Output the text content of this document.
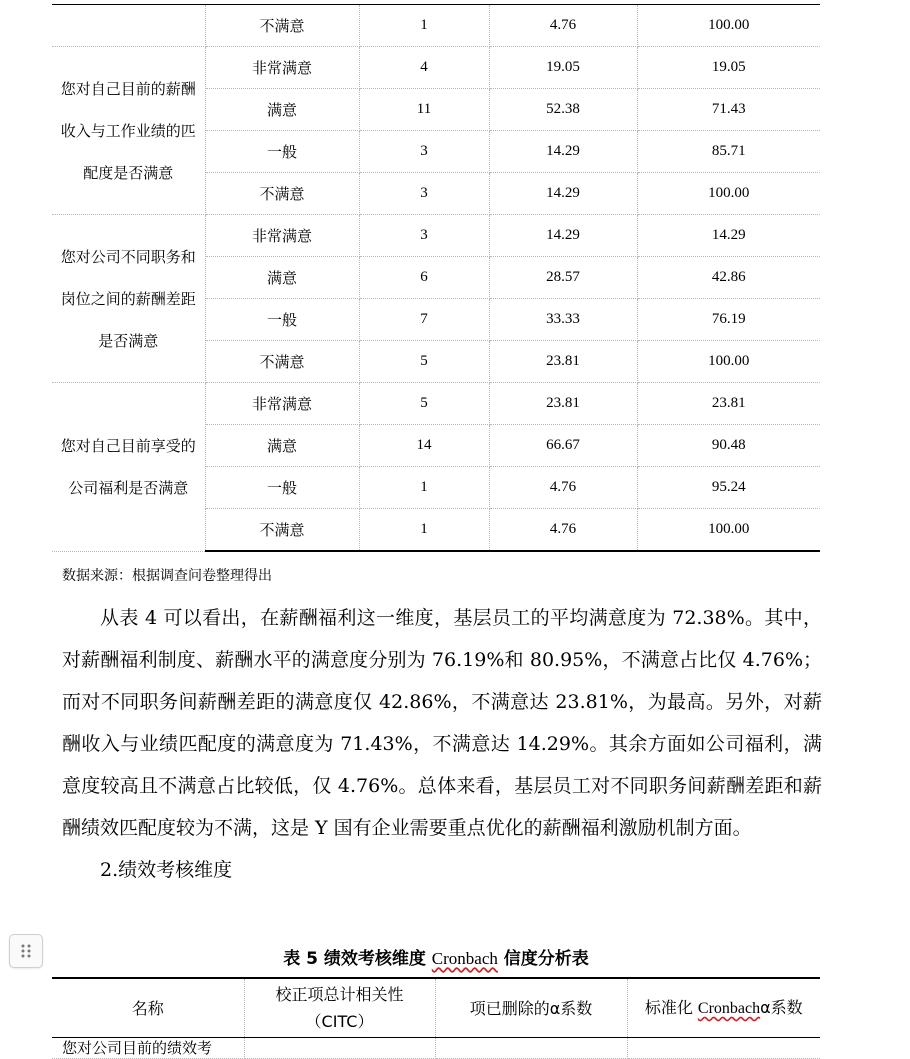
	不满意	1	4.76	100.00
您对自己目前的薪酬收入与工作业绩的匹配度是否满意	非常满意	4	19.05	19.05
	满意	11	52.38	71.43
	一般	3	14.29	85.71
	不满意	3	14.29	100.00
您对公司不同职务和岗位之间的薪酬差距是否满意	非常满意	3	14.29	14.29
	满意	6	28.57	42.86
	一般	7	33.33	76.19
	不满意	5	23.81	100.00
您对自己目前享受的公司福利是否满意	非常满意	5	23.81	23.81
	满意	14	66.67	90.48
	一般	1	4.76	95.24
	不满意	1	4.76	100.00
数据来源：根据调查问卷整理得出

从表 4 可以看出，在薪酬福利这一维度，基层员工的平均满意度为 72.38%。其中，对薪酬福利制度、薪酬水平的满意度分别为 76.19%和 80.95%，不满意占比仅 4.76%；而对不同职务间薪酬差距的满意度仅 42.86%，不满意达 23.81%，为最高。另外，对薪酬收入与业绩匹配度的满意度为 71.43%，不满意达 14.29%。其余方面如公司福利，满意度较高且不满意占比较低，仅 4.76%。总体来看，基层员工对不同职务间薪酬差距和薪酬绩效匹配度较为不满，这是 Y 国有企业需要重点优化的薪酬福利激励机制方面。

2.绩效考核维度

表 5 绩效考核维度 Cronbach 信度分析表
名称	校正项总计相关性（CITC）	项已删除的α系数	标准化 Cronbachα系数
您对公司目前的绩效考			
